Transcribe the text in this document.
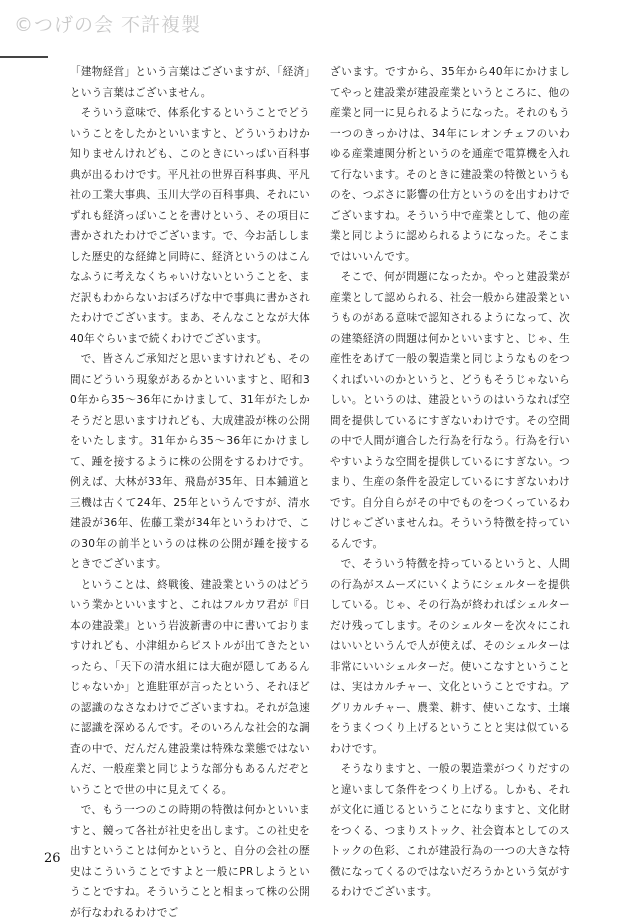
©つげの会 不許複製

「建物経営」という言葉はございますが、「経済」という言葉はございません。

そういう意味で、体系化するということでどういうことをしたかといいますと、どういうわけか知りませんけれども、このときにいっぱい百科事典が出るわけです。平凡社の世界百科事典、平凡社の工業大事典、玉川大学の百科事典、それにいずれも経済っぽいことを書けという、その項目に書かされたわけでございます。で、今お話ししました歴史的な経緯と同時に、経済というのはこんなふうに考えなくちゃいけないということを、まだ訳もわからないおぼろげな中で事典に書かされたわけでございます。まあ、そんなことなが大体40年ぐらいまで続くわけでございます。

で、皆さんご承知だと思いますけれども、その間にどういう現象があるかといいますと、昭和30年から35～36年にかけまして、31年がたしかそうだと思いますけれども、大成建設が株の公開をいたします。31年から35～36年にかけまして、踵を接するように株の公開をするわけです。例えば、大林が33年、飛島が35年、日本鋪道と三機は古くて24年、25年というんですが、清水建設が36年、佐藤工業が34年というわけで、この30年の前半というのは株の公開が踵を接するときでございます。

ということは、終戦後、建設業というのはどういう業かといいますと、これはフルカワ君が『日本の建設業』という岩波新書の中に書いておりますけれども、小津組からピストルが出てきたといったら、「天下の清水組には大砲が隠してあるんじゃないか」と進駐軍が言ったという、それほどの認識のなさなわけでございますね。それが急速に認識を深めるんです。そのいろんな社会的な調査の中で、だんだん建設業は特殊な業態ではないんだ、一般産業と同じような部分もあるんだぞということで世の中に見えてくる。

で、もう一つのこの時期の特徴は何かといいますと、競って各社が社史を出します。この社史を出すということは何かというと、自分の会社の歴史はこういうことですよと一般にPRしようということですね。そういうことと相まって株の公開が行なわれるわけでご

ざいます。ですから、35年から40年にかけましてやっと建設業が建設産業というところに、他の産業と同一に見られるようになった。それのもう一つのきっかけは、34年にレオンチェフのいわゆる産業連関分析というのを通産で電算機を入れて行ないます。そのときに建設業の特徴というものを、つぶさに影響の仕方というのを出すわけでございますね。そういう中で産業として、他の産業と同じように認められるようになった。そこまではいいんです。

そこで、何が問題になったか。やっと建設業が産業として認められる、社会一般から建設業というものがある意味で認知されるようになって、次の建築経済の問題は何かといいますと、じゃ、生産性をあげて一般の製造業と同じようなものをつくればいいのかというと、どうもそうじゃないらしい。というのは、建設というのはいうなれば空間を提供しているにすぎないわけです。その空間の中で人間が適合した行為を行なう。行為を行いやすいような空間を提供しているにすぎない。つまり、生産の条件を設定しているにすぎないわけです。自分自らがその中でものをつくっているわけじゃございませんね。そういう特徴を持っているんです。

で、そういう特徴を持っているというと、人間の行為がスムーズにいくようにシェルターを提供している。じゃ、その行為が終わればシェルターだけ残ってします。そのシェルターを次々にこれはいいというんで人が使えば、そのシェルターは非常にいいシェルターだ。使いこなすということは、実はカルチャー、文化ということですね。アグリカルチャー、農業、耕す、使いこなす、土壌をうまくつくり上げるということと実は似ているわけです。

そうなりますと、一般の製造業がつくりだすのと違いまして条件をつくり上げる。しかも、それが文化に通じるということになりますと、文化財をつくる、つまりストック、社会資本としてのストックの色彩、これが建設行為の一つの大きな特徴になってくるのではないだろうかという気がするわけでございます。

26
